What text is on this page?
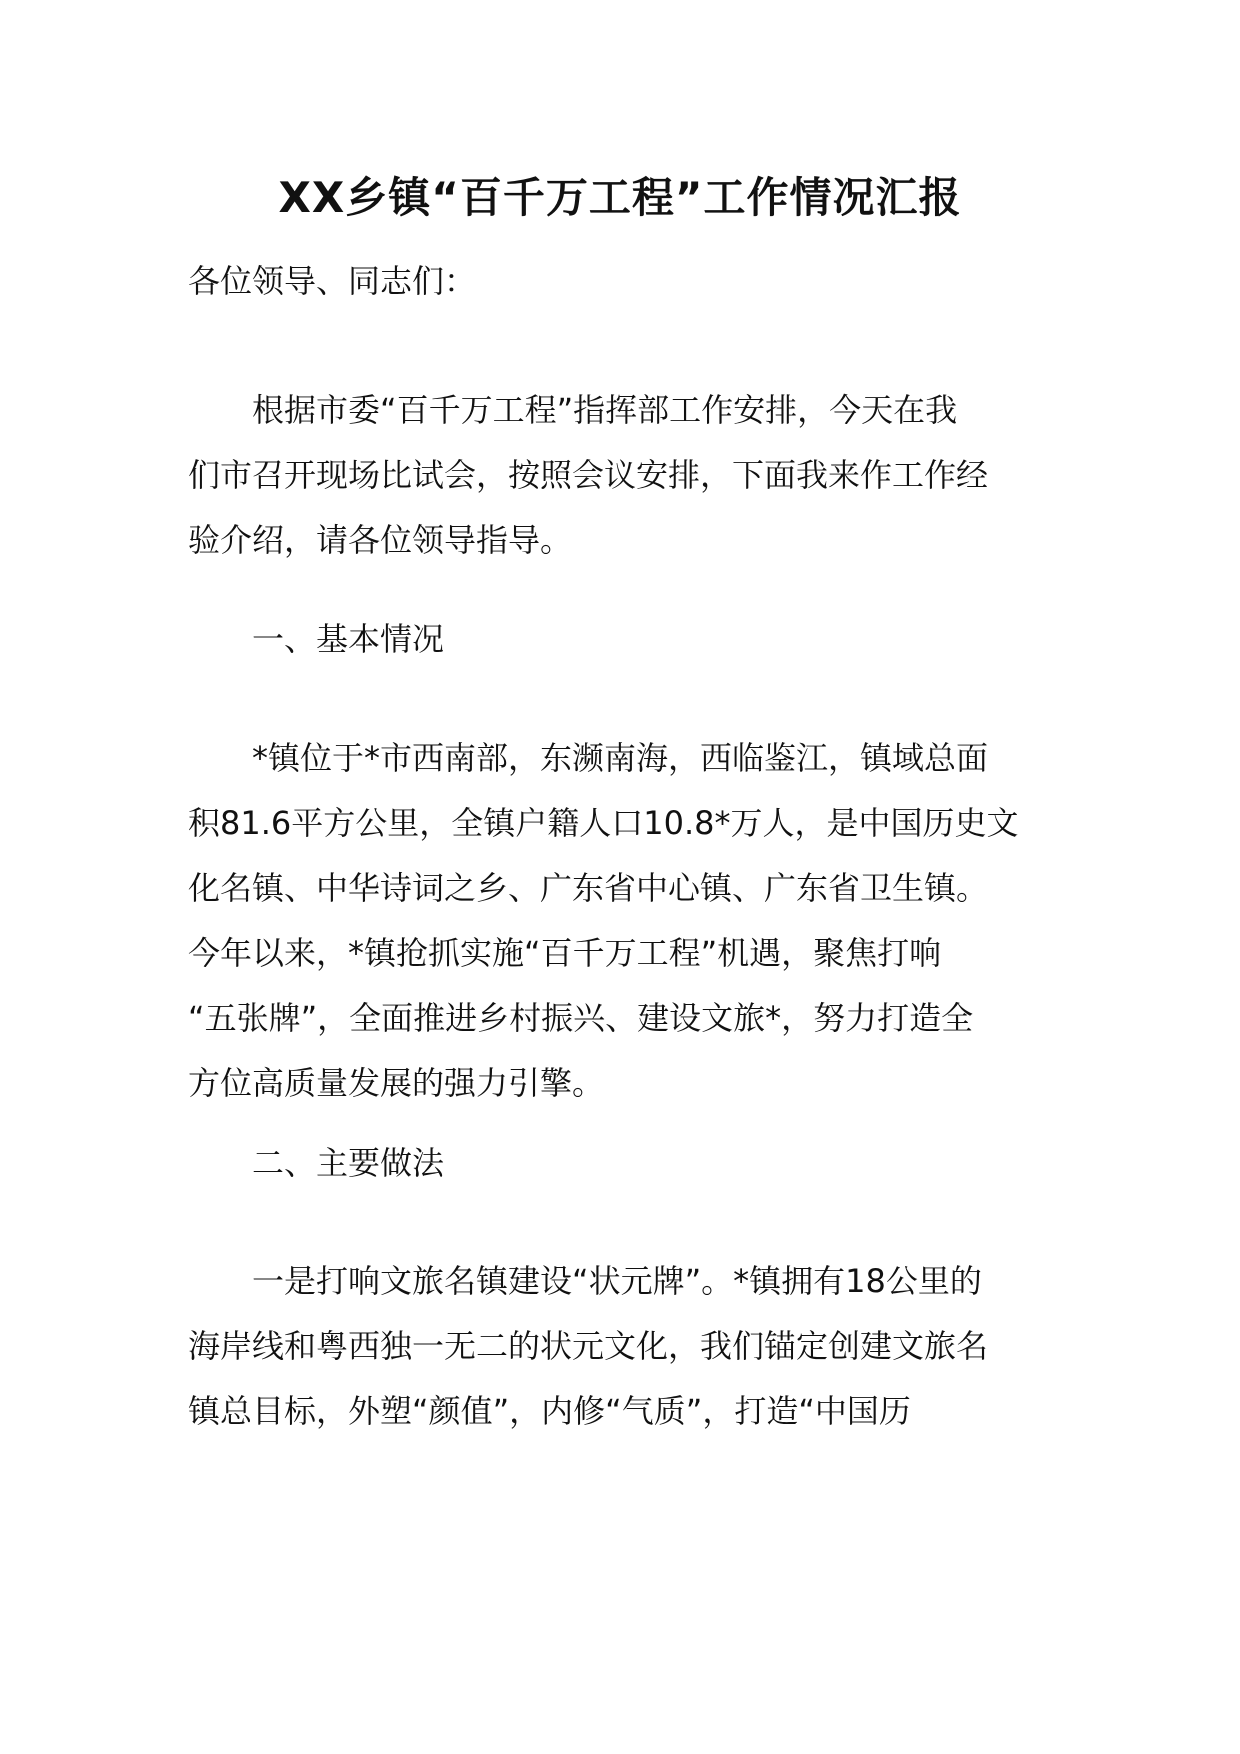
XX乡镇“百千万工程”工作情况汇报
各位领导、同志们：
　　根据市委“百千万工程”指挥部工作安排，今天在我
们市召开现场比试会，按照会议安排，下面我来作工作经
验介绍，请各位领导指导。
　　一、基本情况
　　*镇位于*市西南部，东濒南海，西临鉴江，镇域总面
积81.6平方公里，全镇户籍人口10.8*万人，是中国历史文
化名镇、中华诗词之乡、广东省中心镇、广东省卫生镇。
今年以来，*镇抢抓实施“百千万工程”机遇，聚焦打响
“五张牌”，全面推进乡村振兴、建设文旅*，努力打造全
方位高质量发展的强力引擎。
　　二、主要做法
　　一是打响文旅名镇建设“状元牌”。*镇拥有18公里的
海岸线和粤西独一无二的状元文化，我们锚定创建文旅名
镇总目标，外塑“颜值”，内修“气质”，打造“中国历
